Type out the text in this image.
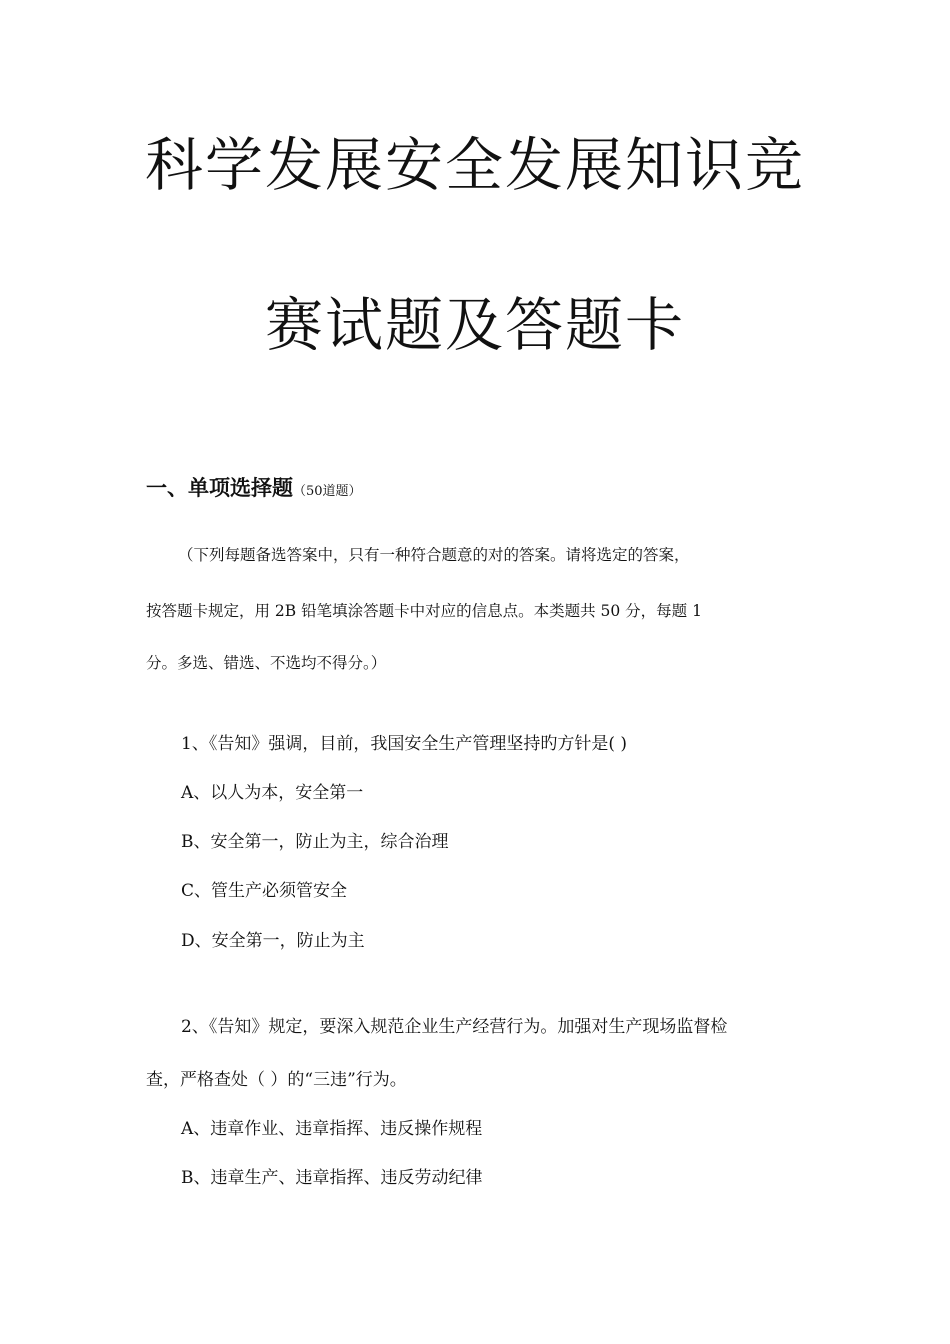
科学发展安全发展知识竞
赛试题及答题卡
一、单项选择题（50道题）
（下列每题备选答案中，只有一种符合题意的对的答案。请将选定的答案，
按答题卡规定，用 2B 铅笔填涂答题卡中对应的信息点。本类题共 50 分，每题 1
分。多选、错选、不选均不得分。）
1、《告知》强调，目前，我国安全生产管理坚持旳方针是( )
A、以人为本，安全第一
B、安全第一，防止为主，综合治理
C、管生产必须管安全
D、安全第一，防止为主
2、《告知》规定，要深入规范企业生产经营行为。加强对生产现场监督检
查，严格查处（ ）的“三违”行为。
A、违章作业、违章指挥、违反操作规程
B、违章生产、违章指挥、违反劳动纪律
